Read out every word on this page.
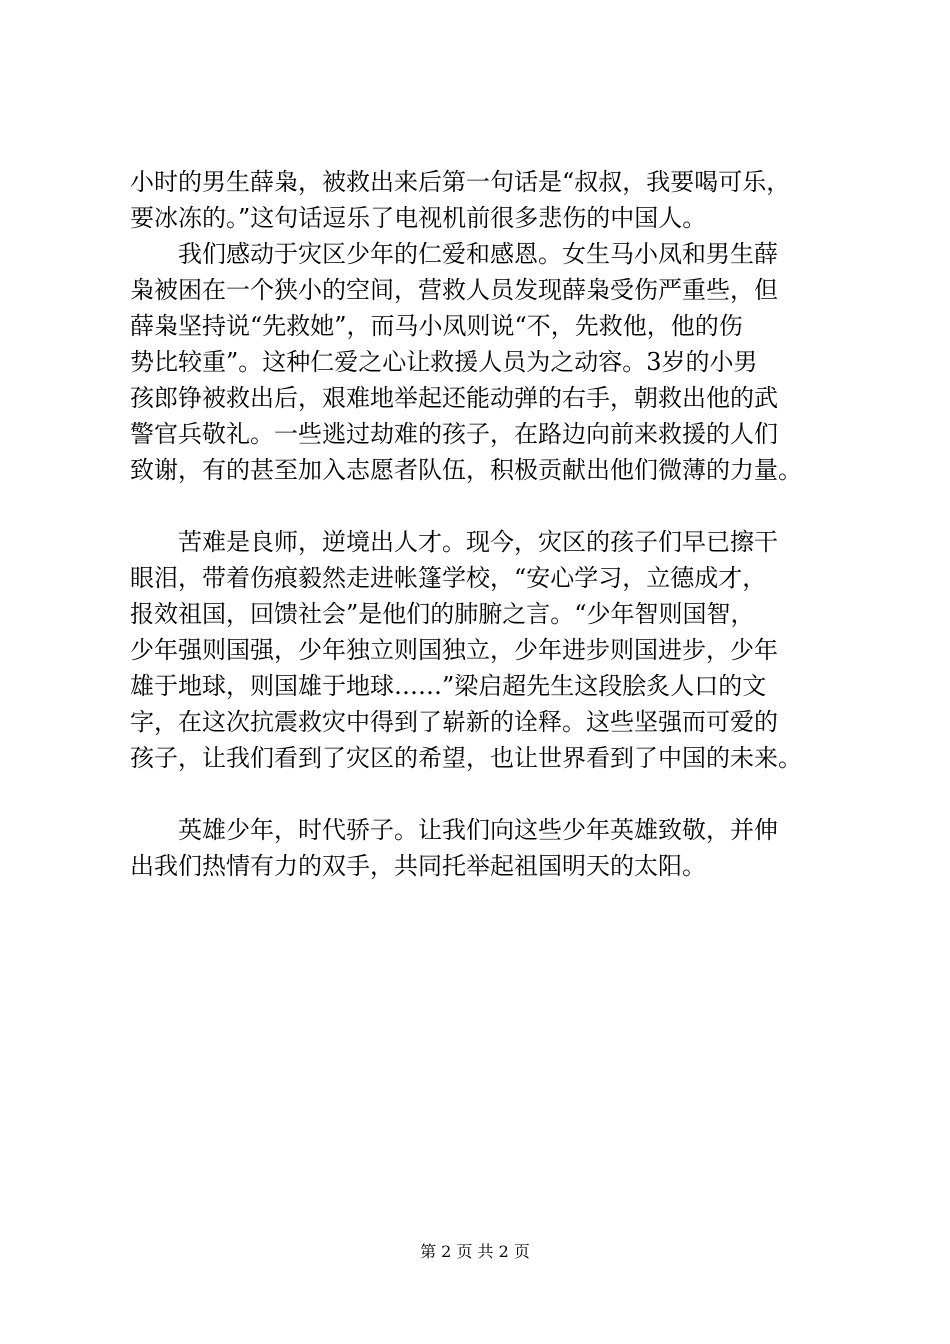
小时的男生薛枭，被救出来后第一句话是“叔叔，我要喝可乐，
要冰冻的。”这句话逗乐了电视机前很多悲伤的中国人。

　　我们感动于灾区少年的仁爱和感恩。女生马小凤和男生薛
枭被困在一个狭小的空间，营救人员发现薛枭受伤严重些，但
薛枭坚持说“先救她”，而马小凤则说“不，先救他，他的伤
势比较重”。这种仁爱之心让救援人员为之动容。3岁的小男
孩郎铮被救出后，艰难地举起还能动弹的右手，朝救出他的武
警官兵敬礼。一些逃过劫难的孩子，在路边向前来救援的人们
致谢，有的甚至加入志愿者队伍，积极贡献出他们微薄的力量。

　　苦难是良师，逆境出人才。现今，灾区的孩子们早已擦干
眼泪，带着伤痕毅然走进帐篷学校，“安心学习，立德成才，
报效祖国，回馈社会”是他们的肺腑之言。“少年智则国智，
少年强则国强，少年独立则国独立，少年进步则国进步，少年
雄于地球，则国雄于地球……”梁启超先生这段脍炙人口的文
字，在这次抗震救灾中得到了崭新的诠释。这些坚强而可爱的
孩子，让我们看到了灾区的希望，也让世界看到了中国的未来。

　　英雄少年，时代骄子。让我们向这些少年英雄致敬，并伸
出我们热情有力的双手，共同托举起祖国明天的太阳。

第 2 页 共 2 页
